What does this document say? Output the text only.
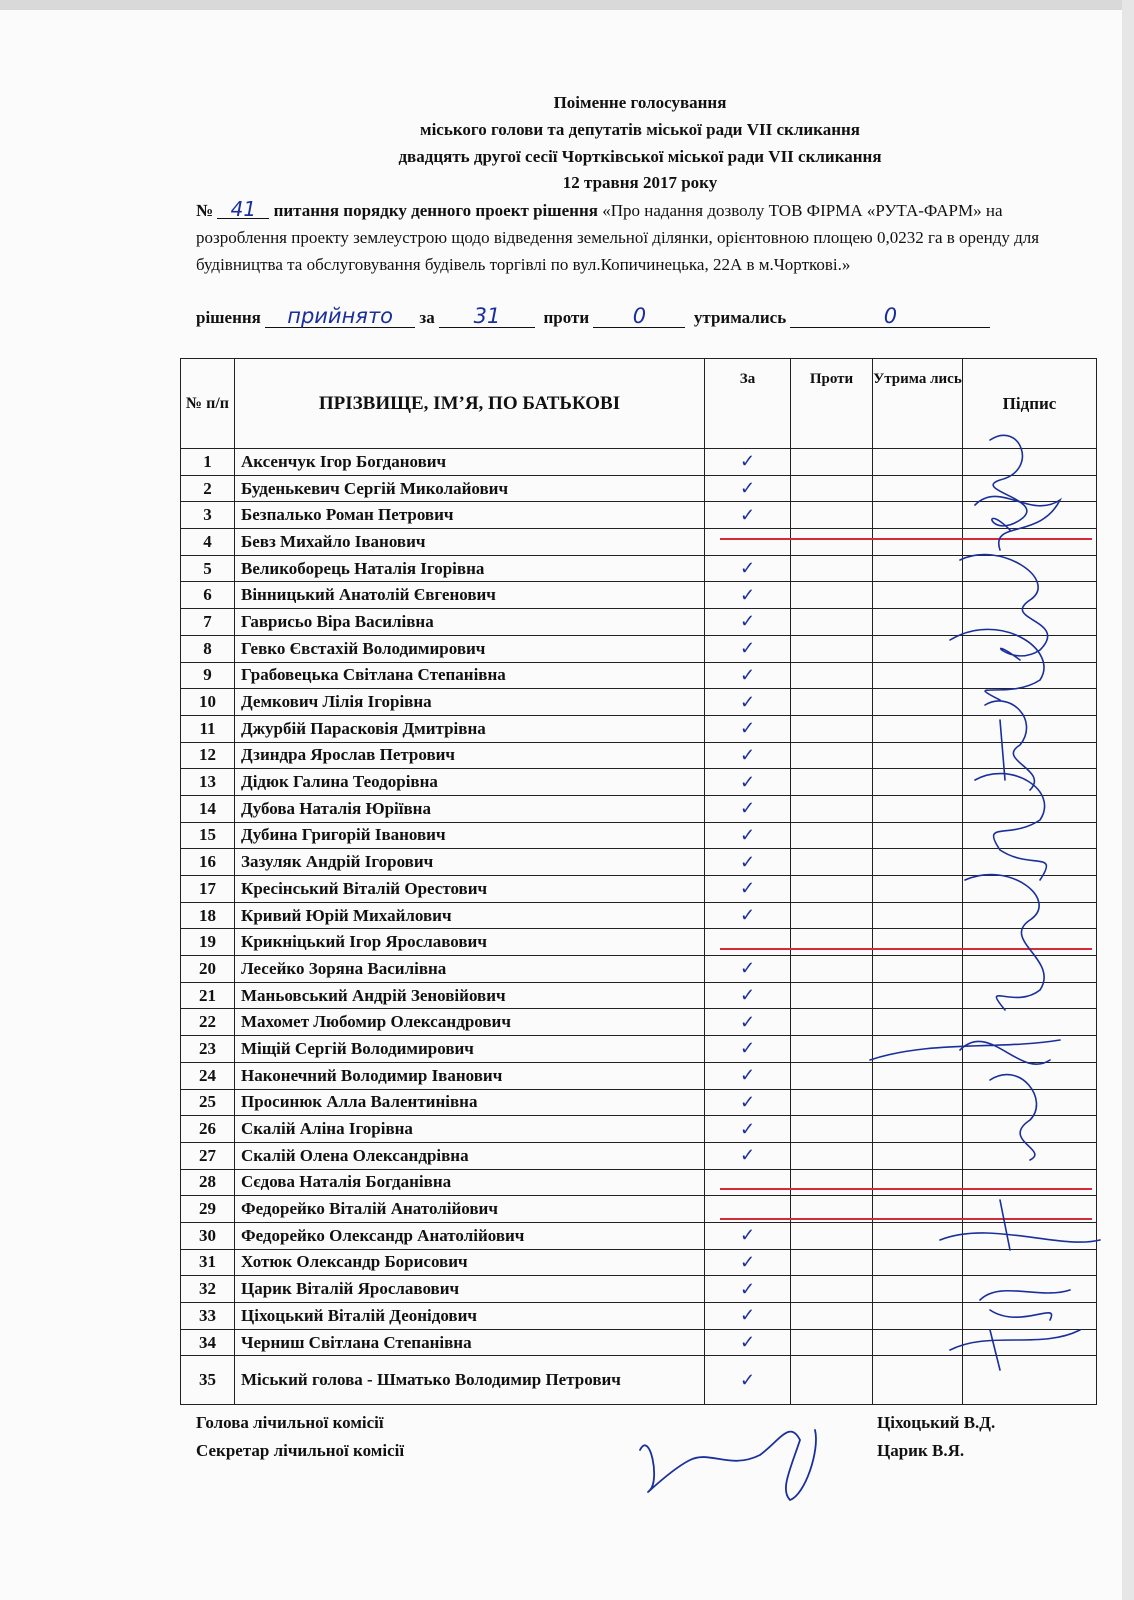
Поіменне голосування
міського голови та депутатів міської ради VII скликання
двадцять другої сесії Чортківської міської ради VII скликання
12 травня 2017 року
№ 41 питання порядку денного проект рішення «Про надання дозволу ТОВ ФІРМА «РУТА-ФАРМ» на розроблення проекту землеустрою щодо відведення земельної ділянки, орієнтовною площею 0,0232 га в оренду для будівництва та обслуговування будівель торгівлі по вул.Копичинецька, 22А в м.Чорткові.»
рішення прийнято за 31	проти 0	утримались	0
№ п/п	ПРІЗВИЩЕ, ІМ’Я, ПО БАТЬКОВІ	За	Проти	Утрима лись	Підпис
1	Аксенчук Ігор Богданович	✓			
2	Буденькевич Сергій Миколайович	✓			
3	Безпалько Роман Петрович	✓			
4	Бевз Михайло Іванович				
5	Великоборець Наталія Ігорівна	✓			
6	Вінницький Анатолій Євгенович	✓			
7	Гаврисьо Віра Василівна	✓			
8	Гевко Євстахій Володимирович	✓			
9	Грабовецька Світлана Степанівна	✓			
10	Демкович Лілія Ігорівна	✓			
11	Джурбій Парасковія Дмитрівна	✓			
12	Дзиндра Ярослав Петрович	✓			
13	Дідюк Галина Теодорівна	✓			
14	Дубова Наталія Юріївна	✓			
15	Дубина Григорій Іванович	✓			
16	Зазуляк Андрій Ігорович	✓			
17	Кресінський Віталій Орестович	✓			
18	Кривий Юрій Михайлович	✓			
19	Крикніцький Ігор Ярославович				
20	Лесейко Зоряна Василівна	✓			
21	Маньовський Андрій Зеновійович	✓			
22	Махомет Любомир Олександрович	✓			
23	Міщій Сергій Володимирович	✓			
24	Наконечний Володимир Іванович	✓			
25	Просинюк Алла Валентинівна	✓			
26	Скалій Аліна Ігорівна	✓			
27	Скалій Олена Олександрівна	✓			
28	Сєдова Наталія Богданівна				
29	Федорейко Віталій Анатолійович				
30	Федорейко Олександр Анатолійович	✓			
31	Хотюк Олександр Борисович	✓			
32	Царик Віталій Ярославович	✓			
33	Ціхоцький Віталій Деонідович	✓			
34	Черниш Світлана Степанівна	✓			
35	Міський голова - Шматько Володимир Петрович	✓			
Голова лічильної комісії
Секретар лічильної комісії
Ціхоцький В.Д.
Царик В.Я.
